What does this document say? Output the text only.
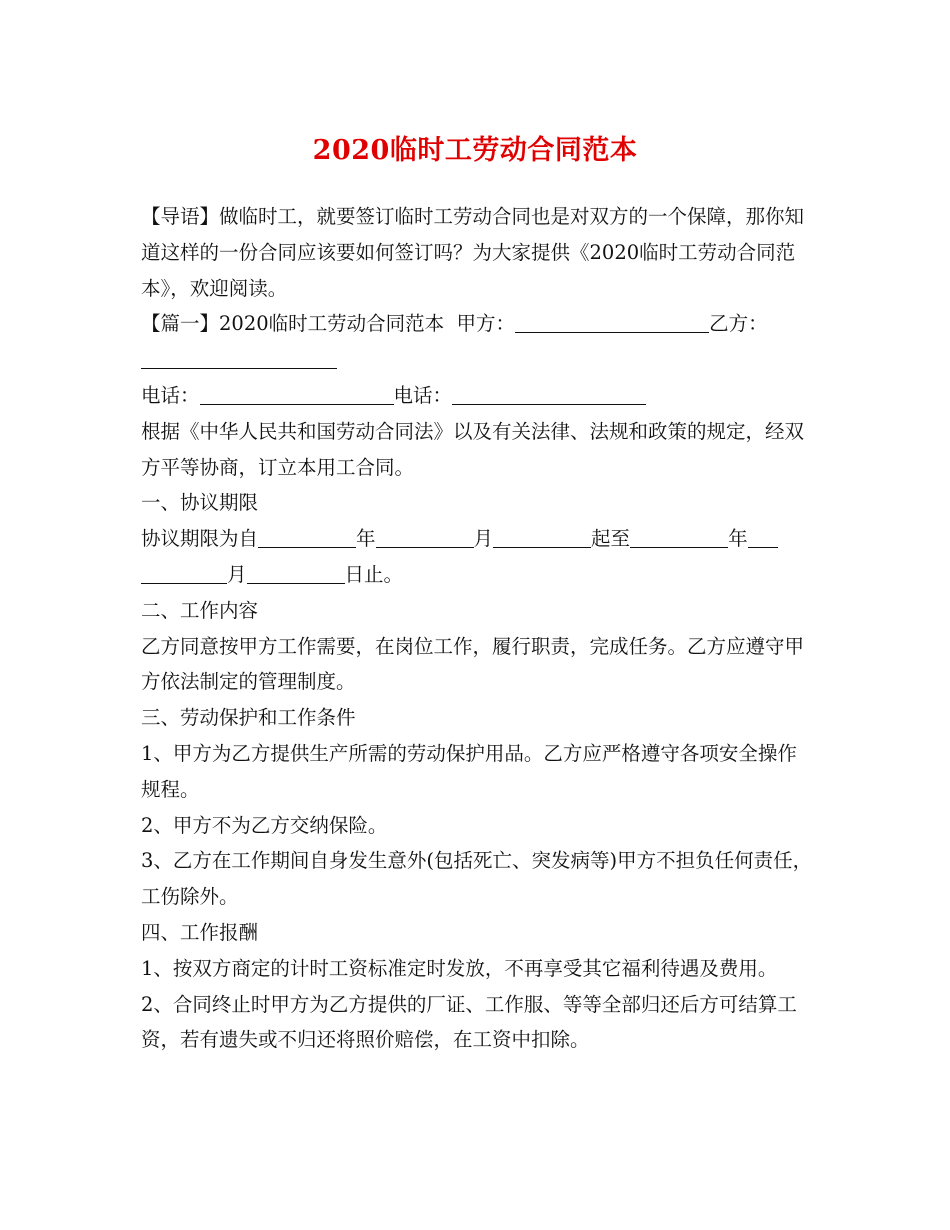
2020临时工劳动合同范本

【导语】做临时工，就要签订临时工劳动合同也是对双方的一个保障，那你知道这样的一份合同应该要如何签订吗？为大家提供《2020临时工劳动合同范本》，欢迎阅读。

【篇一】2020临时工劳动合同范本 甲方：	乙方：

电话：	电话：

根据《中华人民共和国劳动合同法》以及有关法律、法规和政策的规定，经双方平等协商，订立本用工合同。

一、协议期限

协议期限为自	年	月	起至	年
月	日止。

二、工作内容

乙方同意按甲方工作需要，在岗位工作，履行职责，完成任务。乙方应遵守甲方依法制定的管理制度。

三、劳动保护和工作条件

1、甲方为乙方提供生产所需的劳动保护用品。乙方应严格遵守各项安全操作规程。

2、甲方不为乙方交纳保险。

3、乙方在工作期间自身发生意外(包括死亡、突发病等)甲方不担负任何责任，工伤除外。

四、工作报酬

1、按双方商定的计时工资标准定时发放，不再享受其它福利待遇及费用。

2、合同终止时甲方为乙方提供的厂证、工作服、等等全部归还后方可结算工资，若有遗失或不归还将照价赔偿，在工资中扣除。
